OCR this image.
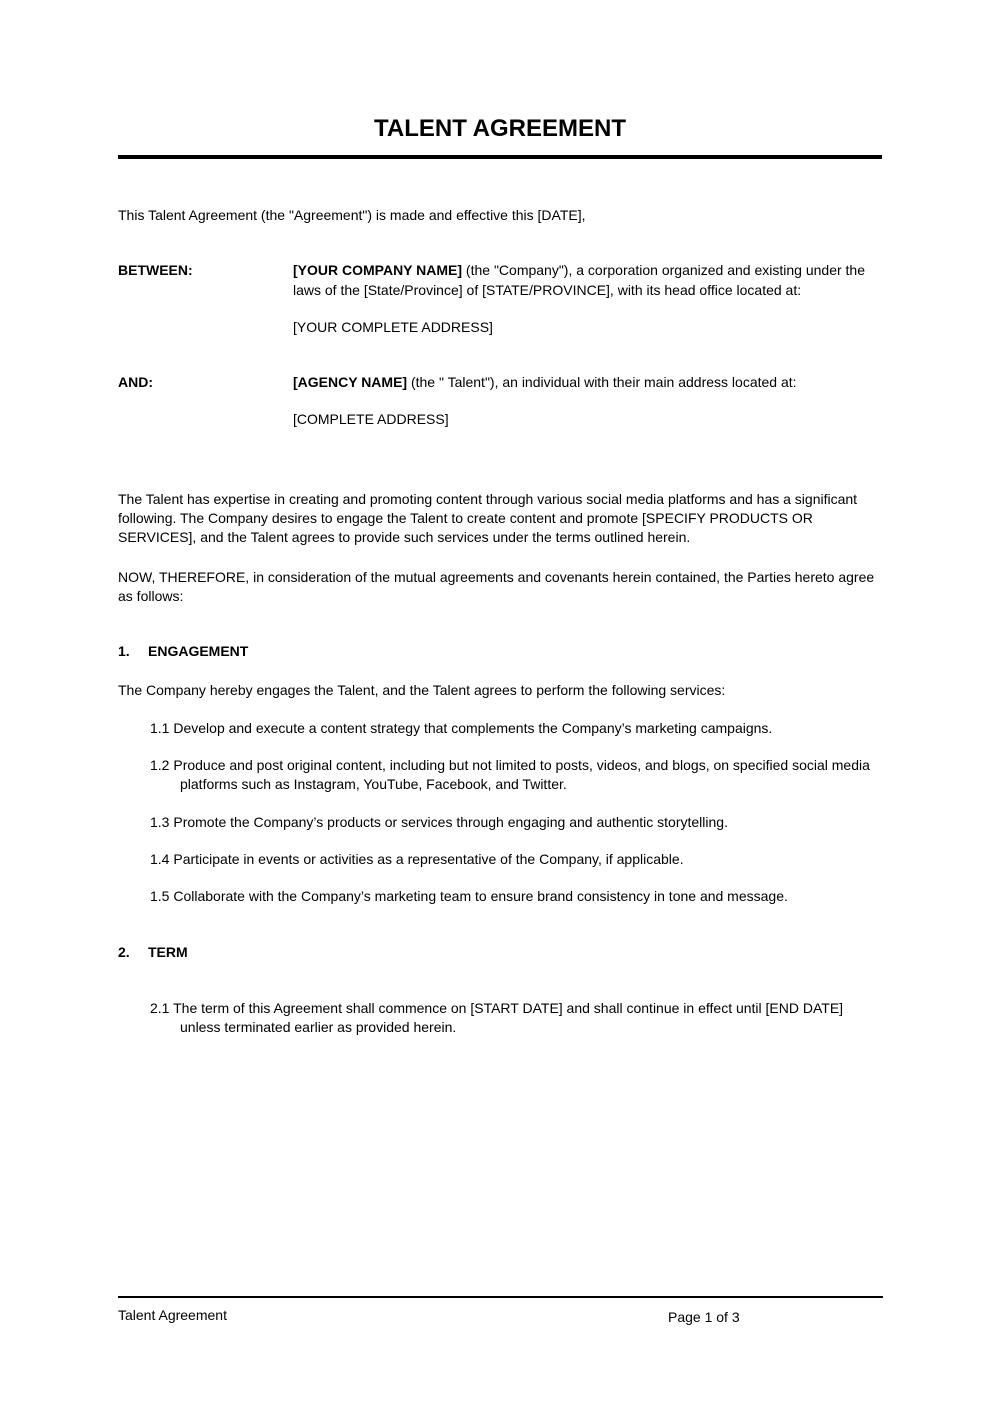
TALENT AGREEMENT

This Talent Agreement (the "Agreement") is made and effective this [DATE],

BETWEEN:	[YOUR COMPANY NAME] (the "Company"), a corporation organized and existing under the laws of the [State/Province] of [STATE/PROVINCE], with its head office located at:

[YOUR COMPLETE ADDRESS]

AND:	[AGENCY NAME] (the " Talent"), an individual with their main address located at:

[COMPLETE ADDRESS]

The Talent has expertise in creating and promoting content through various social media platforms and has a significant following. The Company desires to engage the Talent to create content and promote [SPECIFY PRODUCTS OR SERVICES], and the Talent agrees to provide such services under the terms outlined herein.

NOW, THEREFORE, in consideration of the mutual agreements and covenants herein contained, the Parties hereto agree as follows:

1.	ENGAGEMENT

The Company hereby engages the Talent, and the Talent agrees to perform the following services:

1.1 Develop and execute a content strategy that complements the Company’s marketing campaigns.

1.2 Produce and post original content, including but not limited to posts, videos, and blogs, on specified social media platforms such as Instagram, YouTube, Facebook, and Twitter.

1.3 Promote the Company’s products or services through engaging and authentic storytelling.

1.4 Participate in events or activities as a representative of the Company, if applicable.

1.5 Collaborate with the Company’s marketing team to ensure brand consistency in tone and message.

2.	TERM

2.1 The term of this Agreement shall commence on [START DATE] and shall continue in effect until [END DATE] unless terminated earlier as provided herein.

Talent Agreement	Page 1 of 3
